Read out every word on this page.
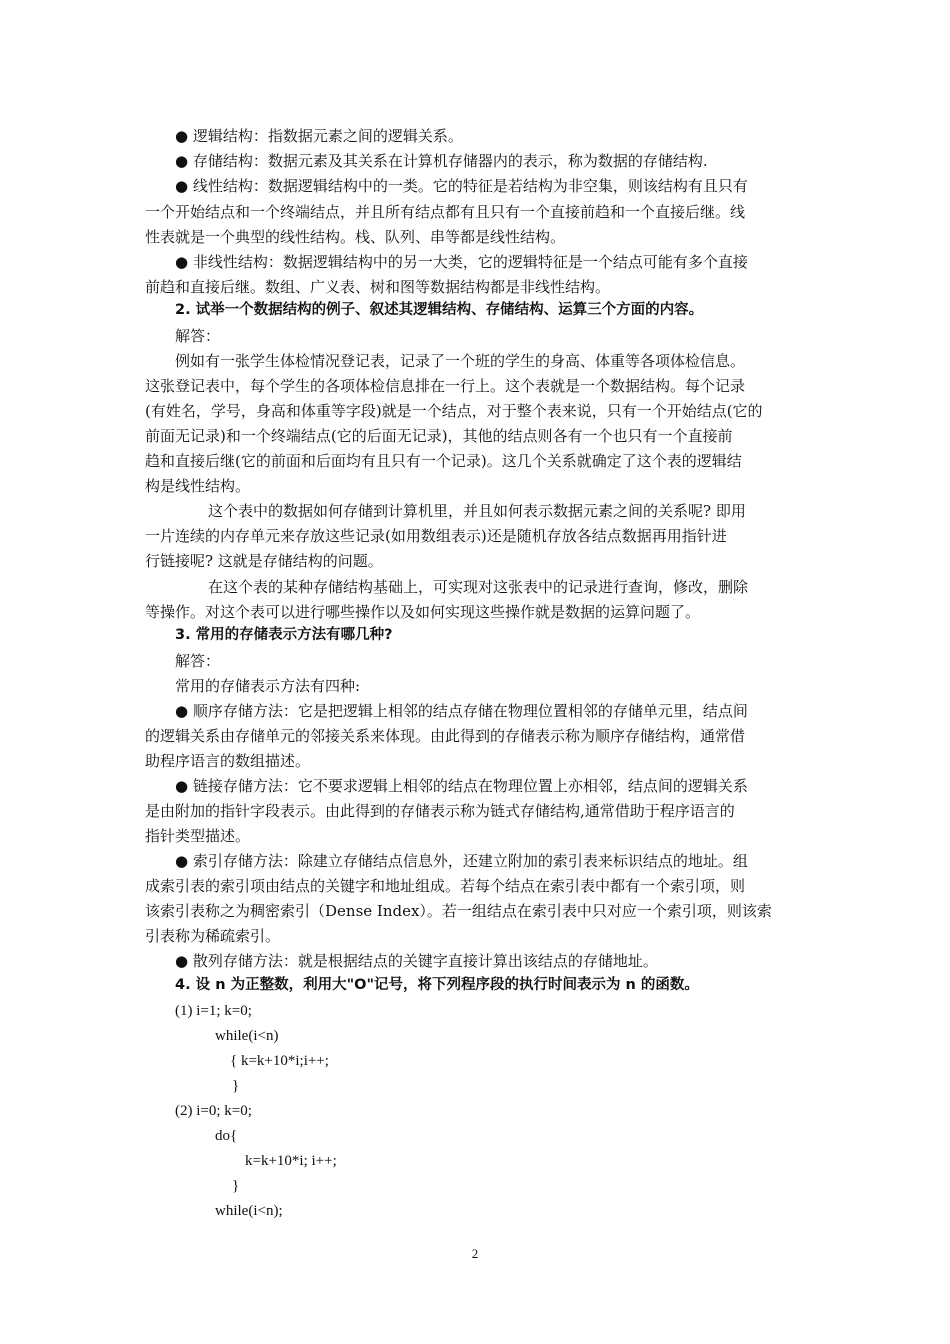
● 逻辑结构：指数据元素之间的逻辑关系。
● 存储结构：数据元素及其关系在计算机存储器内的表示，称为数据的存储结构.
● 线性结构：数据逻辑结构中的一类。它的特征是若结构为非空集，则该结构有且只有
一个开始结点和一个终端结点，并且所有结点都有且只有一个直接前趋和一个直接后继。线
性表就是一个典型的线性结构。栈、队列、串等都是线性结构。
● 非线性结构：数据逻辑结构中的另一大类，它的逻辑特征是一个结点可能有多个直接
前趋和直接后继。数组、广义表、树和图等数据结构都是非线性结构。
2. 试举一个数据结构的例子、叙述其逻辑结构、存储结构、运算三个方面的内容。
解答：
例如有一张学生体检情况登记表，记录了一个班的学生的身高、体重等各项体检信息。
这张登记表中，每个学生的各项体检信息排在一行上。这个表就是一个数据结构。每个记录
(有姓名，学号，身高和体重等字段)就是一个结点，对于整个表来说，只有一个开始结点(它的
前面无记录)和一个终端结点(它的后面无记录)，其他的结点则各有一个也只有一个直接前
趋和直接后继(它的前面和后面均有且只有一个记录)。这几个关系就确定了这个表的逻辑结
构是线性结构。
这个表中的数据如何存储到计算机里，并且如何表示数据元素之间的关系呢? 即用
一片连续的内存单元来存放这些记录(如用数组表示)还是随机存放各结点数据再用指针进
行链接呢? 这就是存储结构的问题。
在这个表的某种存储结构基础上，可实现对这张表中的记录进行查询，修改，删除
等操作。对这个表可以进行哪些操作以及如何实现这些操作就是数据的运算问题了。
3. 常用的存储表示方法有哪几种?
解答：
常用的存储表示方法有四种:
● 顺序存储方法：它是把逻辑上相邻的结点存储在物理位置相邻的存储单元里，结点间
的逻辑关系由存储单元的邻接关系来体现。由此得到的存储表示称为顺序存储结构，通常借
助程序语言的数组描述。
● 链接存储方法：它不要求逻辑上相邻的结点在物理位置上亦相邻，结点间的逻辑关系
是由附加的指针字段表示。由此得到的存储表示称为链式存储结构,通常借助于程序语言的
指针类型描述。
● 索引存储方法：除建立存储结点信息外，还建立附加的索引表来标识结点的地址。组
成索引表的索引项由结点的关键字和地址组成。若每个结点在索引表中都有一个索引项，则
该索引表称之为稠密索引（Dense Index）。若一组结点在索引表中只对应一个索引项，则该索
引表称为稀疏索引。
● 散列存储方法：就是根据结点的关键字直接计算出该结点的存储地址。
4. 设 n 为正整数，利用大"O"记号，将下列程序段的执行时间表示为 n 的函数。
(1) i=1; k=0;
while(i<n)
{ k=k+10*i;i++;
}
(2) i=0; k=0;
do{
k=k+10*i; i++;
}
while(i<n);
2
